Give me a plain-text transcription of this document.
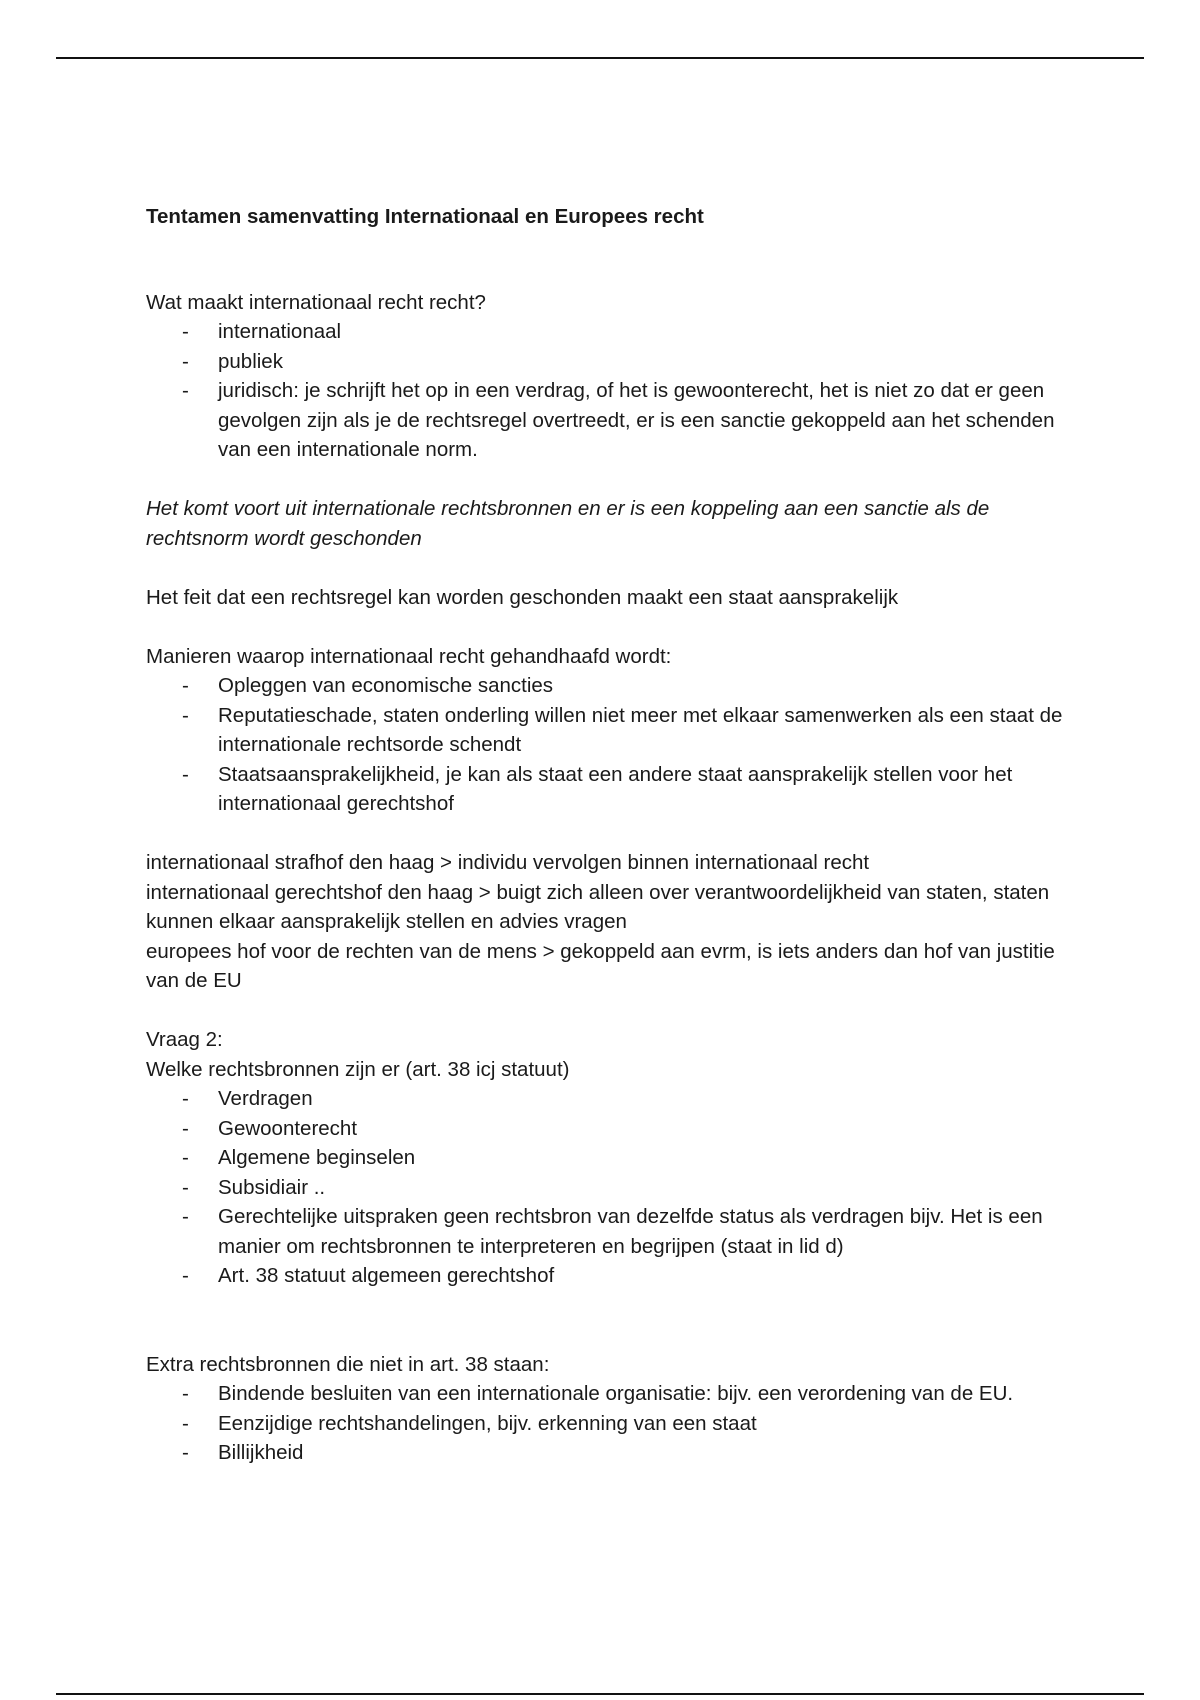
Tentamen samenvatting Internationaal en Europees recht

Wat maakt internationaal recht recht?

- internationaal
- publiek
- juridisch: je schrijft het op in een verdrag, of het is gewoonterecht, het is niet zo dat er geen gevolgen zijn als je de rechtsregel overtreedt, er is een sanctie gekoppeld aan het schenden van een internationale norm.

Het komt voort uit internationale rechtsbronnen en er is een koppeling aan een sanctie als de rechtsnorm wordt geschonden

Het feit dat een rechtsregel kan worden geschonden maakt een staat aansprakelijk

Manieren waarop internationaal recht gehandhaafd wordt:

- Opleggen van economische sancties
- Reputatieschade, staten onderling willen niet meer met elkaar samenwerken als een staat de internationale rechtsorde schendt
- Staatsaansprakelijkheid, je kan als staat een andere staat aansprakelijk stellen voor het internationaal gerechtshof

internationaal strafhof den haag > individu vervolgen binnen internationaal recht

internationaal gerechtshof den haag > buigt zich alleen over verantwoordelijkheid van staten, staten kunnen elkaar aansprakelijk stellen en advies vragen

europees hof voor de rechten van de mens > gekoppeld aan evrm, is iets anders dan hof van justitie van de EU

Vraag 2:

Welke rechtsbronnen zijn er (art. 38 icj statuut)

- Verdragen
- Gewoonterecht
- Algemene beginselen
- Subsidiair ..
- Gerechtelijke uitspraken geen rechtsbron van dezelfde status als verdragen bijv. Het is een manier om rechtsbronnen te interpreteren en begrijpen (staat in lid d)
- Art. 38 statuut algemeen gerechtshof

Extra rechtsbronnen die niet in art. 38 staan:

- Bindende besluiten van een internationale organisatie: bijv. een verordening van de EU.
- Eenzijdige rechtshandelingen, bijv. erkenning van een staat
- Billijkheid
